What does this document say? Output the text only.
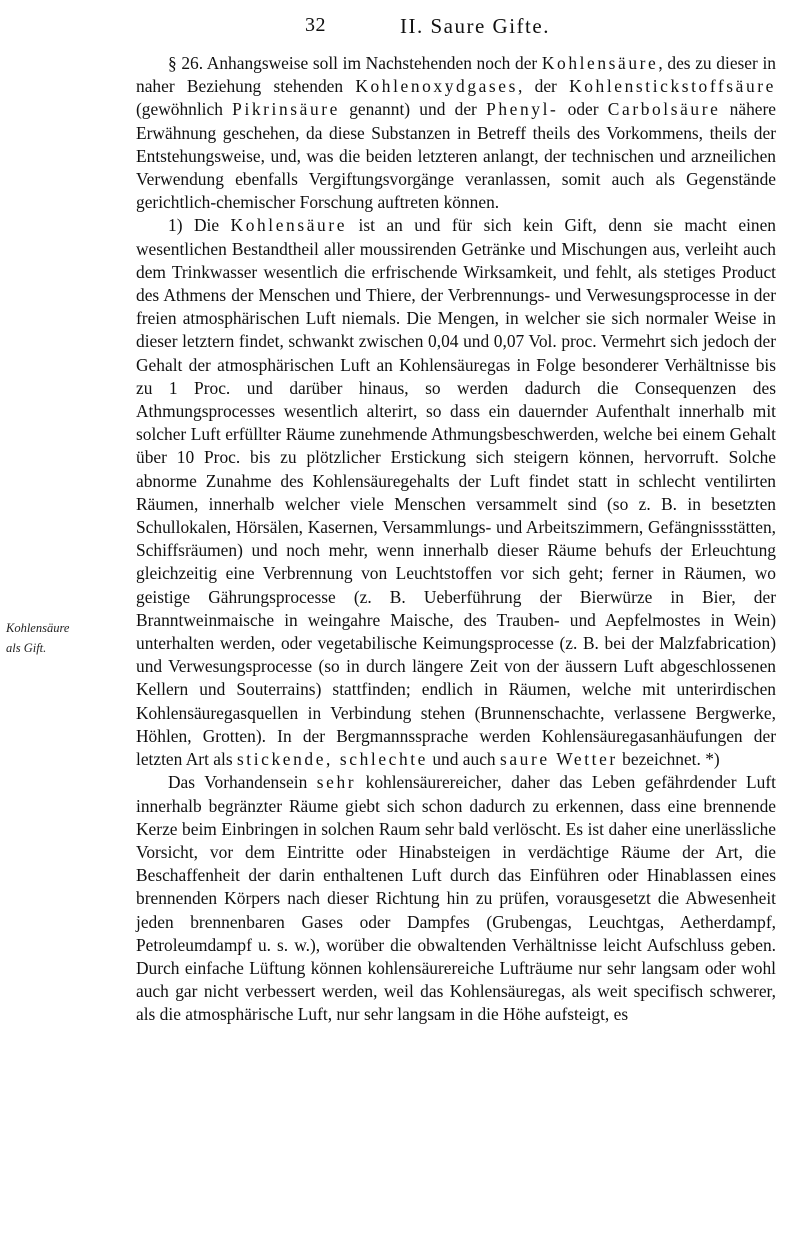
32	II. Saure Gifte.
Kohlensäure
als Gift.

§ 26. Anhangsweise soll im Nachstehenden noch der Kohlensäure, des zu dieser in naher Beziehung stehenden Kohlenoxydgases, der Kohlenstickstoffsäure (gewöhnlich Pikrinsäure genannt) und der Phenyl- oder Carbolsäure nähere Erwähnung geschehen, da diese Substanzen in Betreff theils des Vorkommens, theils der Entstehungsweise, und, was die beiden letzteren anlangt, der technischen und arzneilichen Verwendung ebenfalls Vergiftungsvorgänge veranlassen, somit auch als Gegenstände gerichtlich-chemischer Forschung auftreten können.

1) Die Kohlensäure ist an und für sich kein Gift, denn sie macht einen wesentlichen Bestandtheil aller moussirenden Getränke und Mischungen aus, verleiht auch dem Trinkwasser wesentlich die erfrischende Wirksamkeit, und fehlt, als stetiges Product des Athmens der Menschen und Thiere, der Verbrennungs- und Verwesungsprocesse in der freien atmosphärischen Luft niemals. Die Mengen, in welcher sie sich normaler Weise in dieser letztern findet, schwankt zwischen 0,04 und 0,07 Vol. proc. Vermehrt sich jedoch der Gehalt der atmosphärischen Luft an Kohlensäuregas in Folge besonderer Verhältnisse bis zu 1 Proc. und darüber hinaus, so werden dadurch die Consequenzen des Athmungsprocesses wesentlich alterirt, so dass ein dauernder Aufenthalt innerhalb mit solcher Luft erfüllter Räume zunehmende Athmungsbeschwerden, welche bei einem Gehalt über 10 Proc. bis zu plötzlicher Erstickung sich steigern können, hervorruft. Solche abnorme Zunahme des Kohlensäuregehalts der Luft findet statt in schlecht ventilirten Räumen, innerhalb welcher viele Menschen versammelt sind (so z. B. in besetzten Schullokalen, Hörsälen, Kasernen, Versammlungs- und Arbeitszimmern, Gefängnissstätten, Schiffsräumen) und noch mehr, wenn innerhalb dieser Räume behufs der Erleuchtung gleichzeitig eine Verbrennung von Leuchtstoffen vor sich geht; ferner in Räumen, wo geistige Gährungsprocesse (z. B. Ueberführung der Bierwürze in Bier, der Branntweinmaische in weingahre Maische, des Trauben- und Aepfelmostes in Wein) unterhalten werden, oder vegetabilische Keimungsprocesse (z. B. bei der Malzfabrication) und Verwesungsprocesse (so in durch längere Zeit von der äussern Luft abgeschlossenen Kellern und Souterrains) stattfinden; endlich in Räumen, welche mit unterirdischen Kohlensäuregasquellen in Verbindung stehen (Brunnenschachte, verlassene Bergwerke, Höhlen, Grotten). In der Bergmannssprache werden Kohlensäuregasanhäufungen der letzten Art als stickende, schlechte und auch saure Wetter bezeichnet. *)

Das Vorhandensein sehr kohlensäurereicher, daher das Leben gefährdender Luft innerhalb begränzter Räume giebt sich schon dadurch zu erkennen, dass eine brennende Kerze beim Einbringen in solchen Raum sehr bald verlöscht. Es ist daher eine unerlässliche Vorsicht, vor dem Eintritte oder Hinabsteigen in verdächtige Räume der Art, die Beschaffenheit der darin enthaltenen Luft durch das Einführen oder Hinablassen eines brennenden Körpers nach dieser Richtung hin zu prüfen, vorausgesetzt die Abwesenheit jeden brennenbaren Gases oder Dampfes (Grubengas, Leuchtgas, Aetherdampf, Petroleumdampf u. s. w.), worüber die obwaltenden Verhältnisse leicht Aufschluss geben. Durch einfache Lüftung können kohlensäurereiche Lufträume nur sehr langsam oder wohl auch gar nicht verbessert werden, weil das Kohlensäuregas, als weit specifisch schwerer, als die atmosphärische Luft, nur sehr langsam in die Höhe aufsteigt, es
